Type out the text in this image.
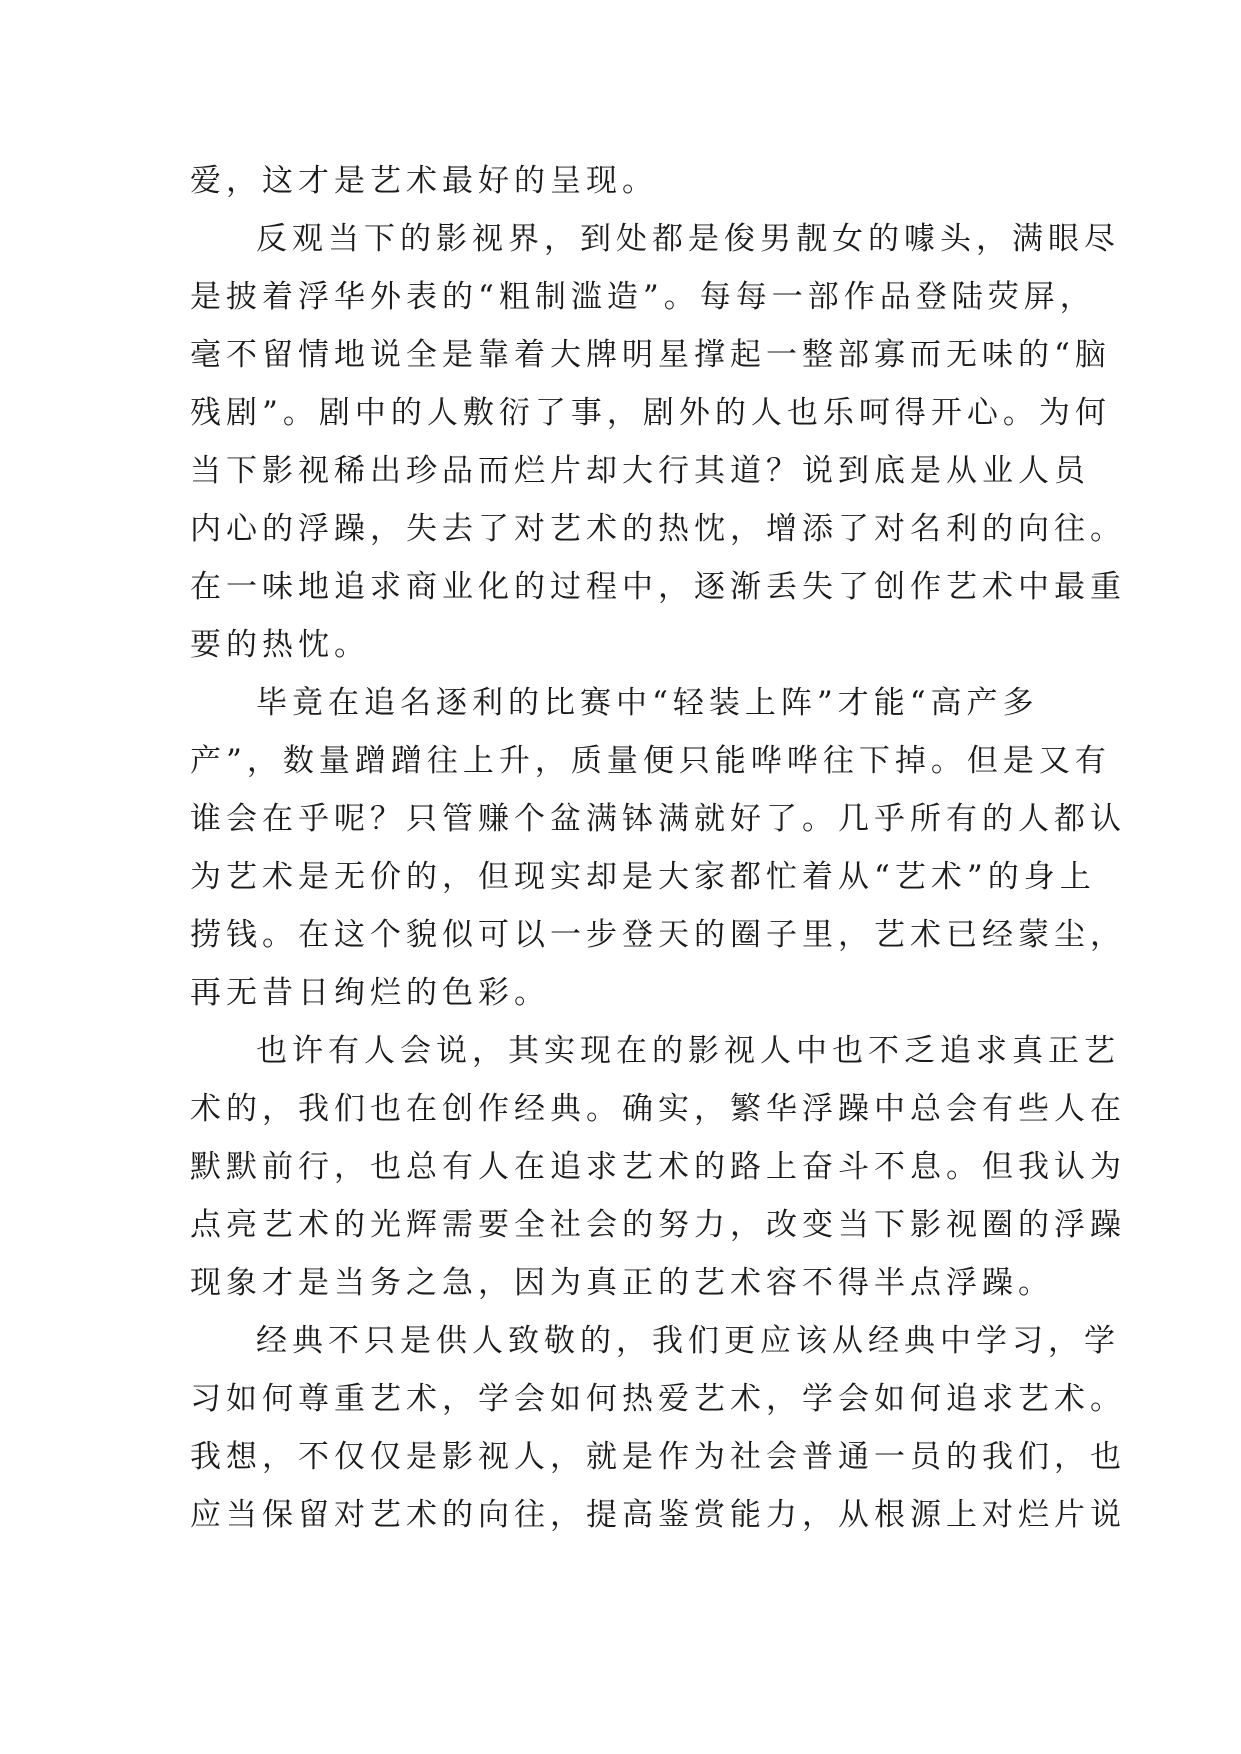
爱，这才是艺术最好的呈现。
反观当下的影视界，到处都是俊男靓女的噱头，满眼尽
是披着浮华外表的“粗制滥造”。每每一部作品登陆荧屏，
毫不留情地说全是靠着大牌明星撑起一整部寡而无味的“脑
残剧”。剧中的人敷衍了事，剧外的人也乐呵得开心。为何
当下影视稀出珍品而烂片却大行其道？说到底是从业人员
内心的浮躁，失去了对艺术的热忱，增添了对名利的向往。
在一味地追求商业化的过程中，逐渐丢失了创作艺术中最重
要的热忱。
毕竟在追名逐利的比赛中“轻装上阵”才能“高产多
产”，数量蹭蹭往上升，质量便只能哗哗往下掉。但是又有
谁会在乎呢？只管赚个盆满钵满就好了。几乎所有的人都认
为艺术是无价的，但现实却是大家都忙着从“艺术”的身上
捞钱。在这个貌似可以一步登天的圈子里，艺术已经蒙尘，
再无昔日绚烂的色彩。
也许有人会说，其实现在的影视人中也不乏追求真正艺
术的，我们也在创作经典。确实，繁华浮躁中总会有些人在
默默前行，也总有人在追求艺术的路上奋斗不息。但我认为
点亮艺术的光辉需要全社会的努力，改变当下影视圈的浮躁
现象才是当务之急，因为真正的艺术容不得半点浮躁。
经典不只是供人致敬的，我们更应该从经典中学习，学
习如何尊重艺术，学会如何热爱艺术，学会如何追求艺术。
我想，不仅仅是影视人，就是作为社会普通一员的我们，也
应当保留对艺术的向往，提高鉴赏能力，从根源上对烂片说
